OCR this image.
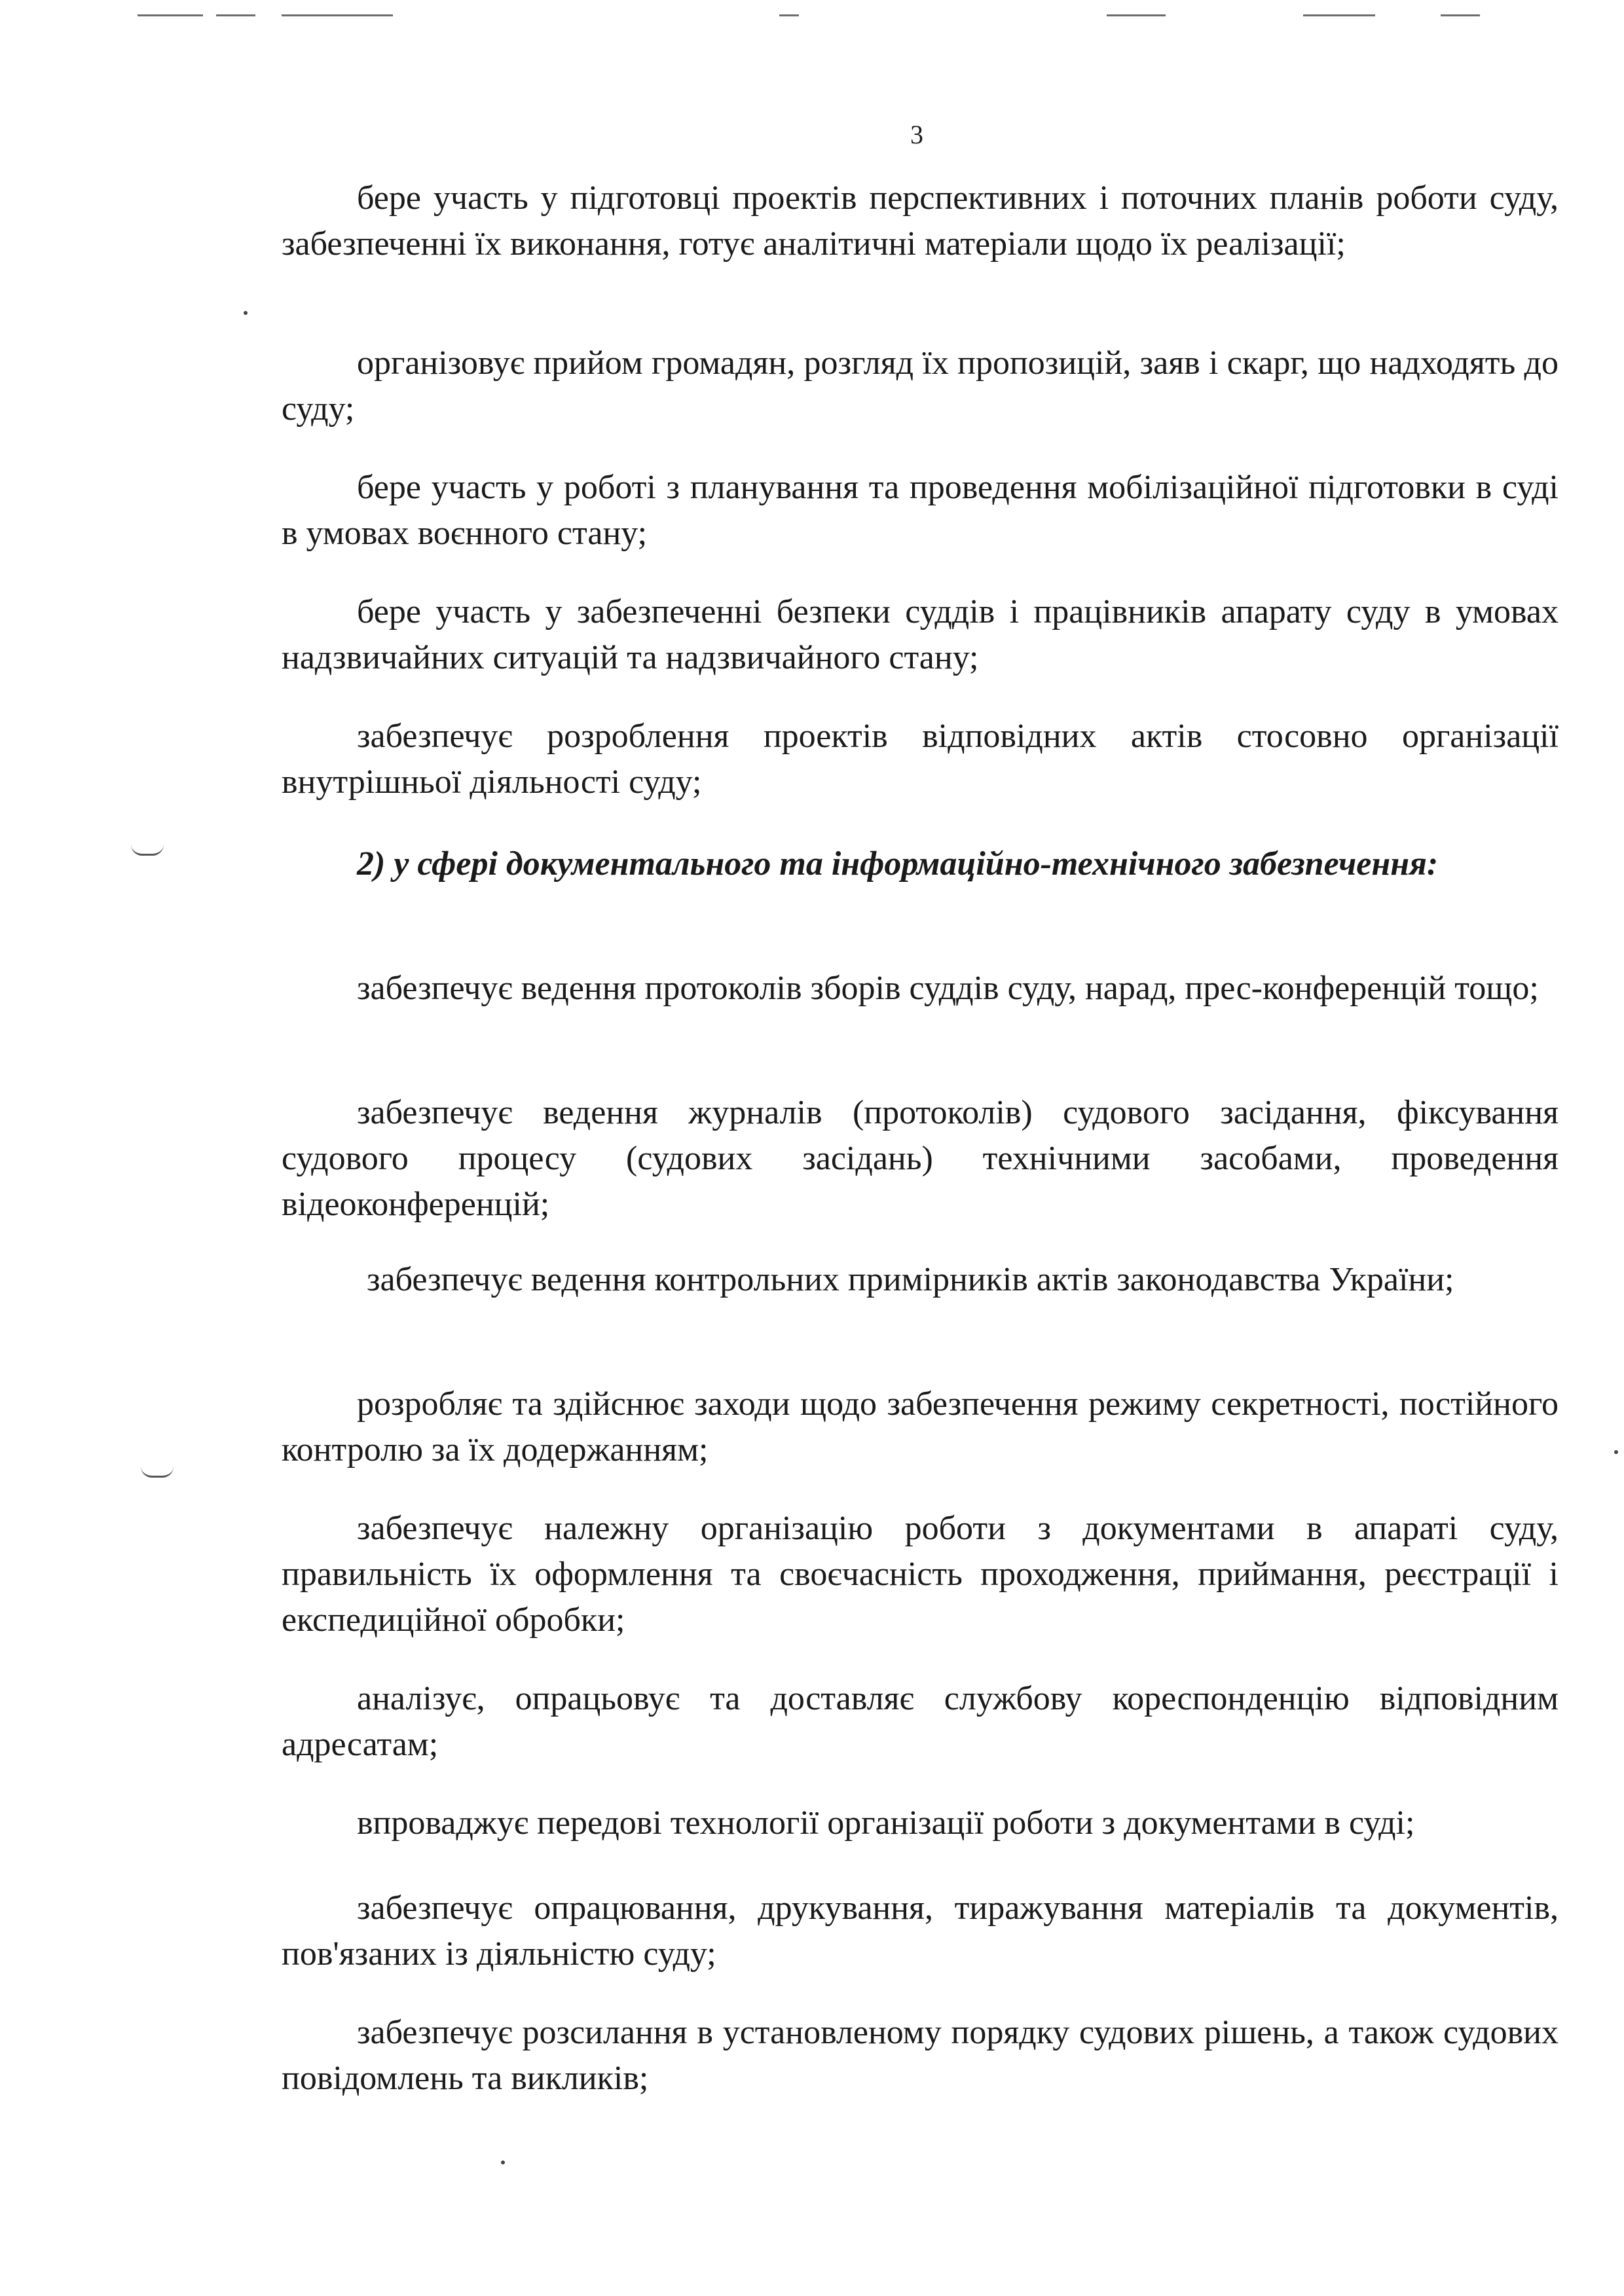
3

бере участь у підготовці проектів перспективних і поточних планів роботи суду, забезпеченні їх виконання, готує аналітичні матеріали щодо їх реалізації;

організовує прийом громадян, розгляд їх пропозицій, заяв і скарг, що надходять до суду;

бере участь у роботі з планування та проведення мобілізаційної підготовки в суді в умовах воєнного стану;

бере участь у забезпеченні безпеки суддів і працівників апарату суду в умовах надзвичайних ситуацій та надзвичайного стану;

забезпечує розроблення проектів відповідних актів стосовно організації внутрішньої діяльності суду;

2) у сфері документального та інформаційно-технічного забезпечення:

забезпечує ведення протоколів зборів суддів суду, нарад, прес-конференцій тощо;

забезпечує ведення журналів (протоколів) судового засідання, фіксування судового процесу (судових засідань) технічними засобами, проведення відеоконференцій;

забезпечує ведення контрольних примірників актів законодавства України;

розробляє та здійснює заходи щодо забезпечення режиму секретності, постійного контролю за їх додержанням;

забезпечує належну організацію роботи з документами в апараті суду, правильність їх оформлення та своєчасність проходження, приймання, реєстрації і експедиційної обробки;

аналізує, опрацьовує та доставляє службову кореспонденцію відповідним адресатам;

впроваджує передові технології організації роботи з документами в суді;

забезпечує опрацювання, друкування, тиражування матеріалів та документів, пов'язаних із діяльністю суду;

забезпечує розсилання в установленому порядку судових рішень, а також судових повідомлень та викликів;
